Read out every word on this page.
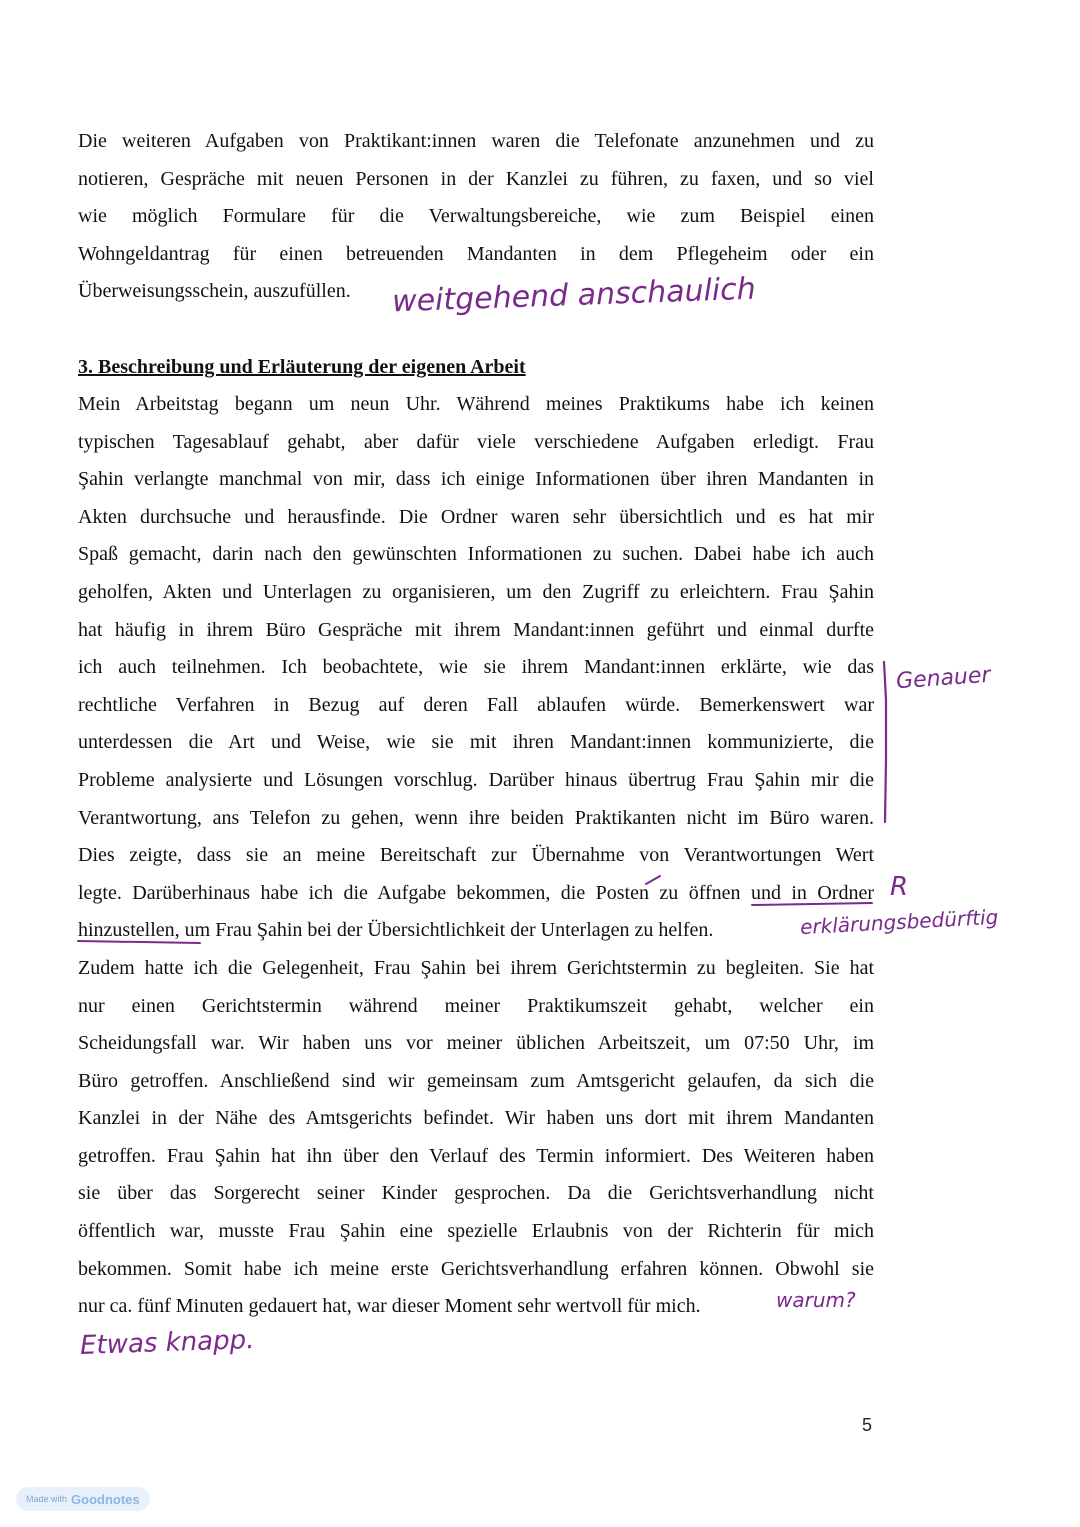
Die weiteren Aufgaben von Praktikant:innen waren die Telefonate anzunehmen und zu
notieren, Gespräche mit neuen Personen in der Kanzlei zu führen, zu faxen, und so viel
wie möglich Formulare für die Verwaltungsbereiche, wie zum Beispiel einen
Wohngeldantrag für einen betreuenden Mandanten in dem Pflegeheim oder ein
Überweisungsschein, auszufüllen.
3. Beschreibung und Erläuterung der eigenen Arbeit
Mein Arbeitstag begann um neun Uhr. Während meines Praktikums habe ich keinen
typischen Tagesablauf gehabt, aber dafür viele verschiedene Aufgaben erledigt. Frau
Şahin verlangte manchmal von mir, dass ich einige Informationen über ihren Mandanten in
Akten durchsuche und herausfinde. Die Ordner waren sehr übersichtlich und es hat mir
Spaß gemacht, darin nach den gewünschten Informationen zu suchen. Dabei habe ich auch
geholfen, Akten und Unterlagen zu organisieren, um den Zugriff zu erleichtern. Frau Şahin
hat häufig in ihrem Büro Gespräche mit ihrem Mandant:innen geführt und einmal durfte
ich auch teilnehmen. Ich beobachtete, wie sie ihrem Mandant:innen erklärte, wie das
rechtliche Verfahren in Bezug auf deren Fall ablaufen würde. Bemerkenswert war
unterdessen die Art und Weise, wie sie mit ihren Mandant:innen kommunizierte, die
Probleme analysierte und Lösungen vorschlug. Darüber hinaus übertrug Frau Şahin mir die
Verantwortung, ans Telefon zu gehen, wenn ihre beiden Praktikanten nicht im Büro waren.
Dies zeigte, dass sie an meine Bereitschaft zur Übernahme von Verantwortungen Wert
legte. Darüberhinaus habe ich die Aufgabe bekommen, die Posten zu öffnen und in Ordner
hinzustellen, um Frau Şahin bei der Übersichtlichkeit der Unterlagen zu helfen.
Zudem hatte ich die Gelegenheit, Frau Şahin bei ihrem Gerichtstermin zu begleiten. Sie hat
nur einen Gerichtstermin während meiner Praktikumszeit gehabt, welcher ein
Scheidungsfall war. Wir haben uns vor meiner üblichen Arbeitszeit, um 07:50 Uhr, im
Büro getroffen. Anschließend sind wir gemeinsam zum Amtsgericht gelaufen, da sich die
Kanzlei in der Nähe des Amtsgerichts befindet. Wir haben uns dort mit ihrem Mandanten
getroffen. Frau Şahin hat ihn über den Verlauf des Termin informiert. Des Weiteren haben
sie über das Sorgerecht seiner Kinder gesprochen. Da die Gerichtsverhandlung nicht
öffentlich war, musste Frau Şahin eine spezielle Erlaubnis von der Richterin für mich
bekommen. Somit habe ich meine erste Gerichtsverhandlung erfahren können. Obwohl sie
nur ca. fünf Minuten gedauert hat, war dieser Moment sehr wertvoll für mich.
weitgehend anschaulich
Genauer
R
erklärungsbedürftig
warum?
Etwas knapp.
5
Made with Goodnotes
